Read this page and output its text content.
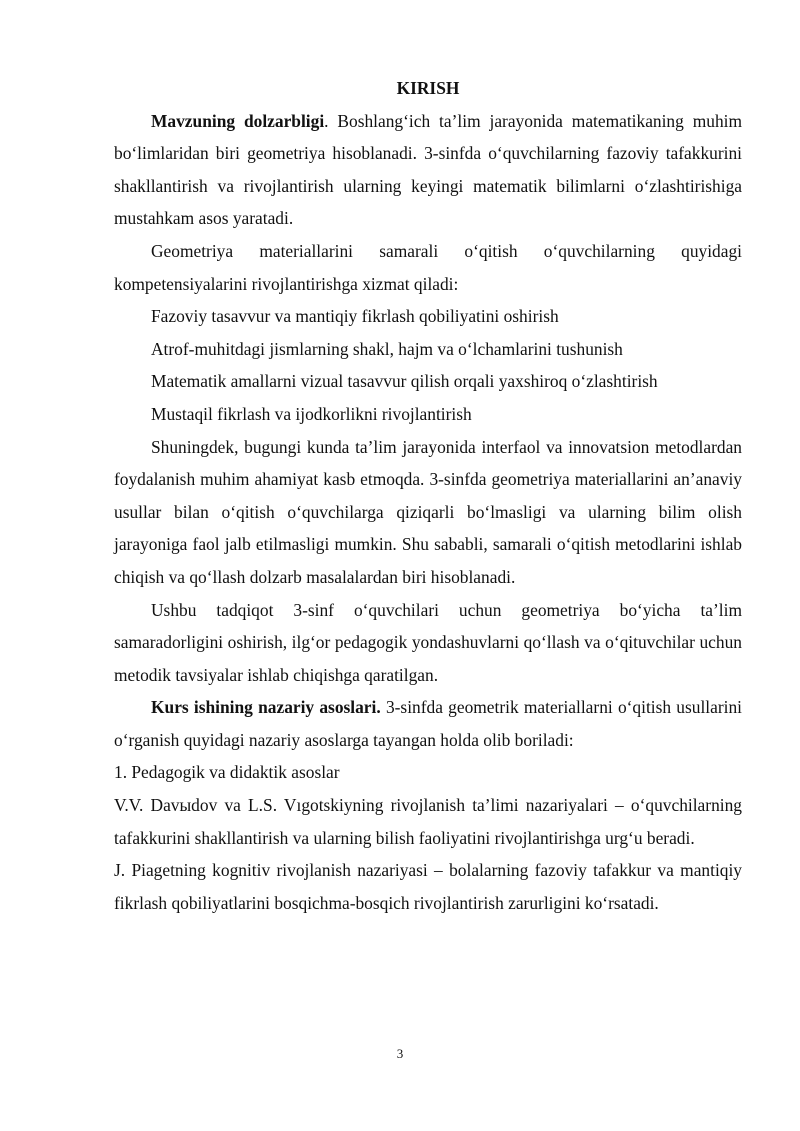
KIRISH

Mavzuning dolzarbligi. Boshlang‘ich ta’lim jarayonida matematikaning muhim bo‘limlaridan biri geometriya hisoblanadi. 3-sinfda o‘quvchilarning fazoviy tafakkurini shakllantirish va rivojlantirish ularning keyingi matematik bilimlarni o‘zlashtirishiga mustahkam asos yaratadi.

Geometriya materiallarini samarali o‘qitish o‘quvchilarning quyidagi kompetensiyalarini rivojlantirishga xizmat qiladi:

Fazoviy tasavvur va mantiqiy fikrlash qobiliyatini oshirish

Atrof-muhitdagi jismlarning shakl, hajm va o‘lchamlarini tushunish

Matematik amallarni vizual tasavvur qilish orqali yaxshiroq o‘zlashtirish

Mustaqil fikrlash va ijodkorlikni rivojlantirish

Shuningdek, bugungi kunda ta’lim jarayonida interfaol va innovatsion metodlardan foydalanish muhim ahamiyat kasb etmoqda. 3-sinfda geometriya materiallarini an’anaviy usullar bilan o‘qitish o‘quvchilarga qiziqarli bo‘lmasligi va ularning bilim olish jarayoniga faol jalb etilmasligi mumkin. Shu sababli, samarali o‘qitish metodlarini ishlab chiqish va qo‘llash dolzarb masalalardan biri hisoblanadi.

Ushbu tadqiqot 3-sinf o‘quvchilari uchun geometriya bo‘yicha ta’lim samaradorligini oshirish, ilg‘or pedagogik yondashuvlarni qo‘llash va o‘qituvchilar uchun metodik tavsiyalar ishlab chiqishga qaratilgan.

Kurs ishining nazariy asoslari. 3-sinfda geometrik materiallarni o‘qitish usullarini o‘rganish quyidagi nazariy asoslarga tayangan holda olib boriladi:

1. Pedagogik va didaktik asoslar

V.V. Davыdov va L.S. Vıgotskiyning rivojlanish ta’limi nazariyalari – o‘quvchilarning tafakkurini shakllantirish va ularning bilish faoliyatini rivojlantirishga urg‘u beradi.

J. Piagetning kognitiv rivojlanish nazariyasi – bolalarning fazoviy tafakkur va mantiqiy fikrlash qobiliyatlarini bosqichma-bosqich rivojlantirish zarurligini ko‘rsatadi.

3
